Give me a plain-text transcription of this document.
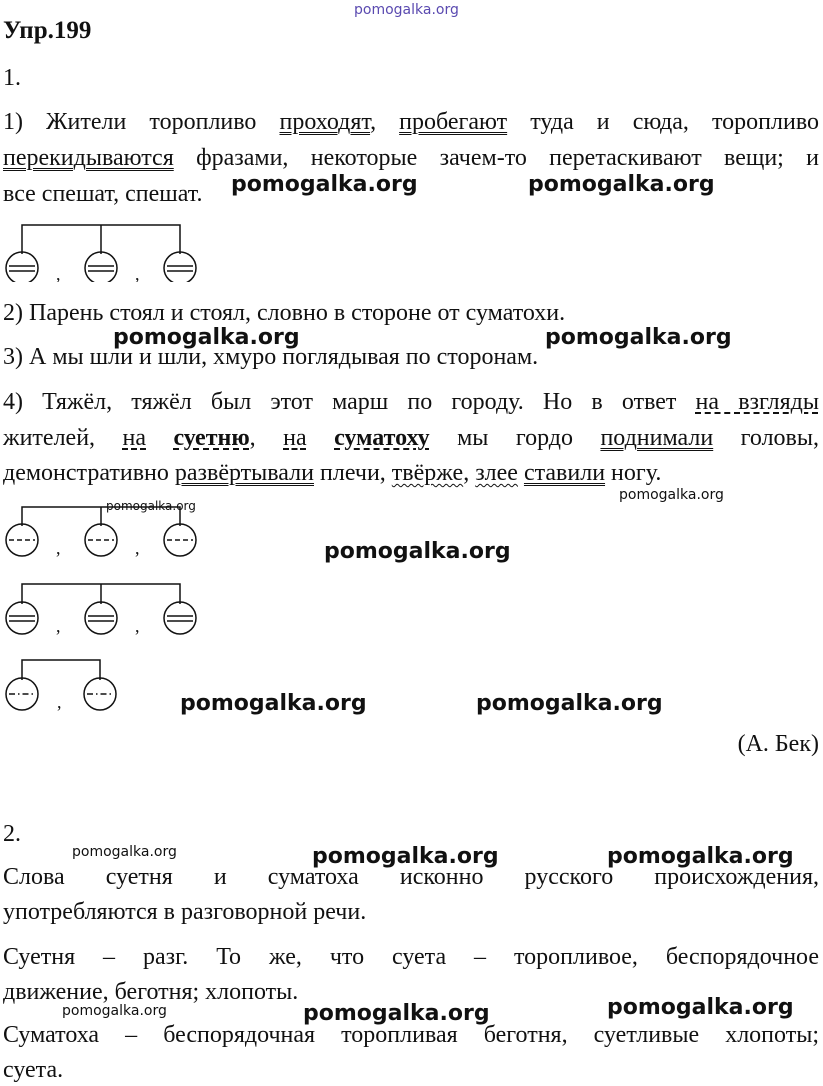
pomogalka.org
Упр.199
1.
1) Жители торопливо проходят, пробегают туда и сюда, торопливо
перекидываются фразами, некоторые зачем-то перетаскивают вещи; и
все спешат, спешат.
,	,
2) Парень стоял и стоял, словно в стороне от суматохи.
3) А мы шли и шли, хмуро поглядывая по сторонам.
4) Тяжёл, тяжёл был этот марш по городу. Но в ответ на взгляды
жителей, на суетню, на суматоху мы гордо поднимали головы,
демонстративно развёртывали плечи, твёрже, злее ставили ногу.
,	,
,	,
,
(А. Бек)
2.
Слова суетня и суматоха исконно русского происхождения,
употребляются в разговорной речи.
Суетня – разг. То же, что суета – торопливое, беспорядочное
движение, беготня; хлопоты.
Суматоха – беспорядочная торопливая беготня, суетливые хлопоты;
суета.
pomogalka.org	pomogalka.org
pomogalka.org	pomogalka.org
pomogalka.org
pomogalka.org
pomogalka.org
pomogalka.org	pomogalka.org
pomogalka.org	pomogalka.org	pomogalka.org
pomogalka.org	pomogalka.org	pomogalka.org
